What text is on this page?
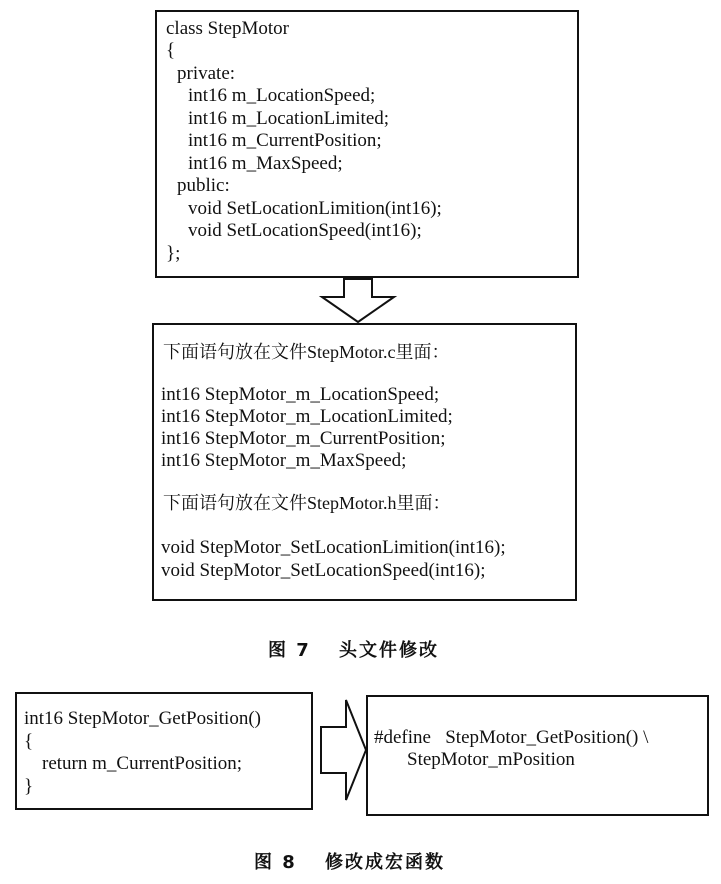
class StepMotor
{
private:
int16 m_LocationSpeed;
int16 m_LocationLimited;
int16 m_CurrentPosition;
int16 m_MaxSpeed;
public:
void SetLocationLimition(int16);
void SetLocationSpeed(int16);
};
下面语句放在文件StepMotor.c里面：
int16 StepMotor_m_LocationSpeed;
int16 StepMotor_m_LocationLimited;
int16 StepMotor_m_CurrentPosition;
int16 StepMotor_m_MaxSpeed;
下面语句放在文件StepMotor.h里面：
void StepMotor_SetLocationLimition(int16);
void StepMotor_SetLocationSpeed(int16);
图 7　 头文件修改
int16 StepMotor_GetPosition()
{
return m_CurrentPosition;
}
#define   StepMotor_GetPosition() \
StepMotor_mPosition
图 8　 修改成宏函数
